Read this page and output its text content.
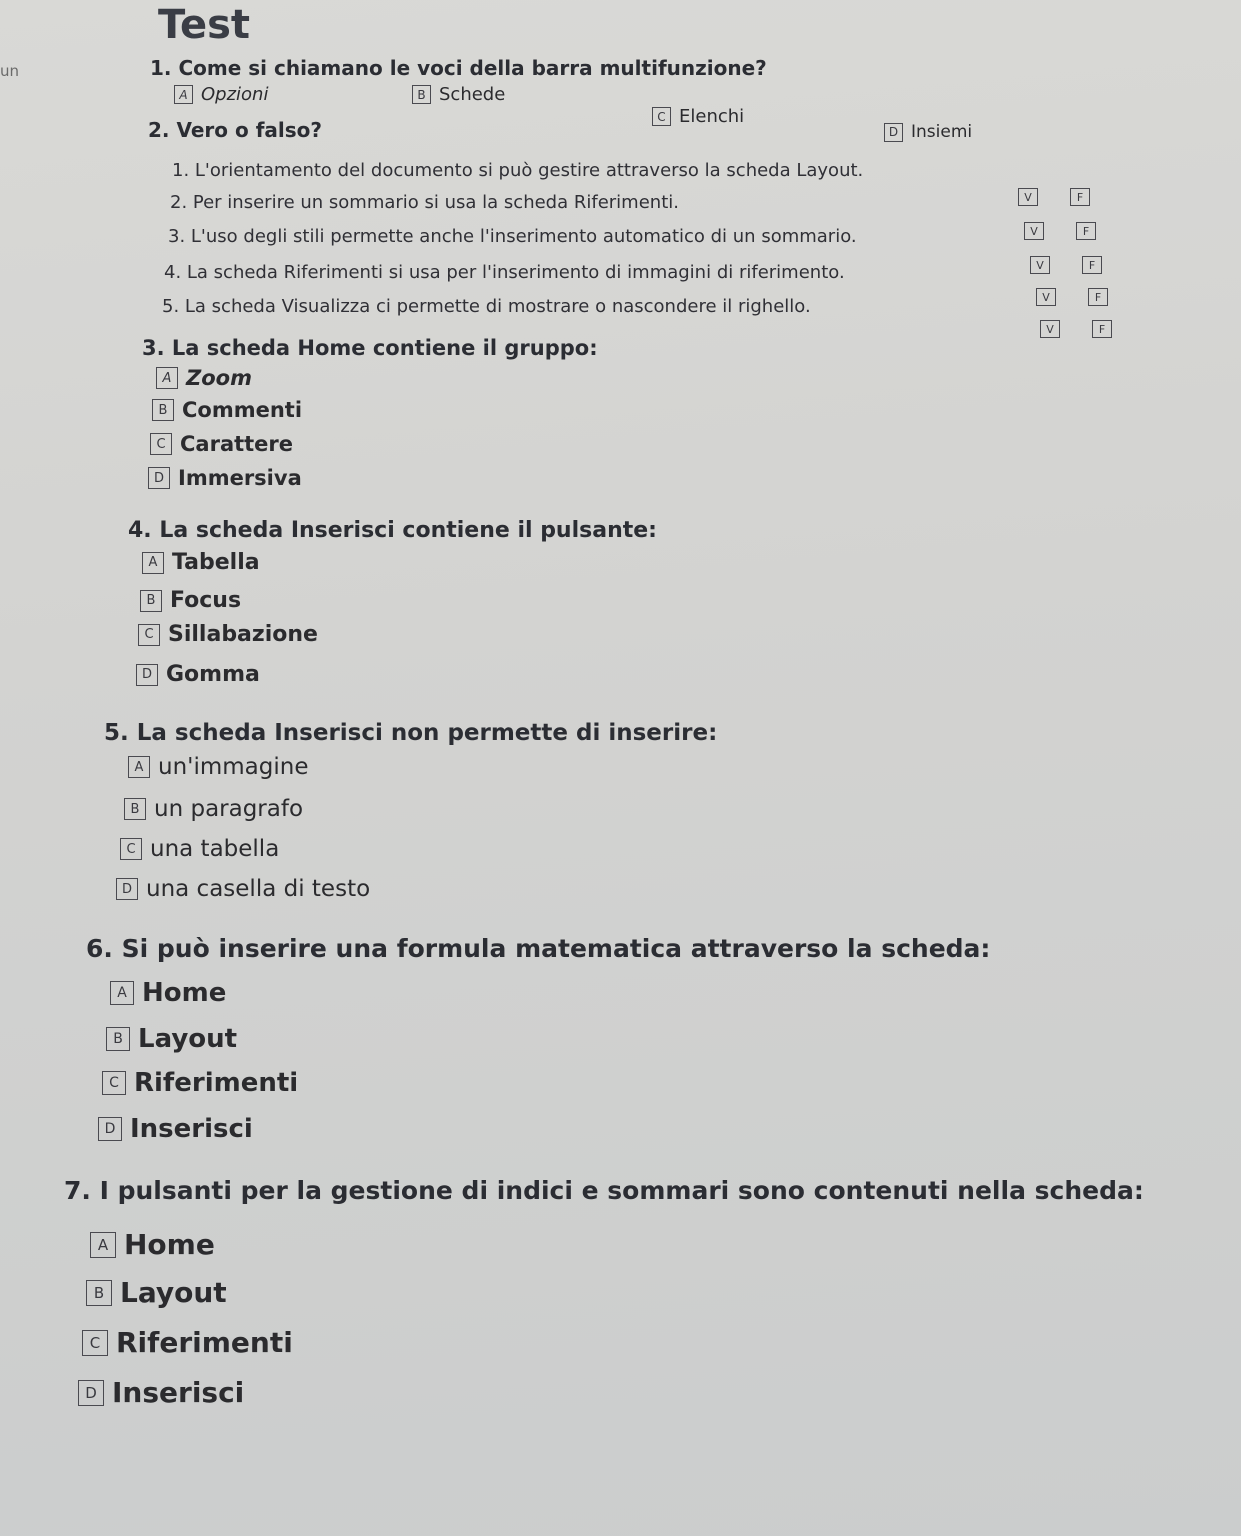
un
Test
1. Come si chiamano le voci della barra multifunzione?
A Opzioni	B Schede
C Elenchi
D Insiemi
2. Vero o falso?
1. L'orientamento del documento si può gestire attraverso la scheda Layout.
V	F
2. Per inserire un sommario si usa la scheda Riferimenti.
V	F
3. L'uso degli stili permette anche l'inserimento automatico di un sommario.
V	F
4. La scheda Riferimenti si usa per l'inserimento di immagini di riferimento.
V	F
5. La scheda Visualizza ci permette di mostrare o nascondere il righello.
V	F
3. La scheda Home contiene il gruppo:
A Zoom
B Commenti
C Carattere
D Immersiva
4. La scheda Inserisci contiene il pulsante:
A Tabella
B Focus
C Sillabazione
D Gomma
5. La scheda Inserisci non permette di inserire:
A un'immagine
B un paragrafo
C una tabella
D una casella di testo
6. Si può inserire una formula matematica attraverso la scheda:
A Home
B Layout
C Riferimenti
D Inserisci
7. I pulsanti per la gestione di indici e sommari sono contenuti nella scheda:
A Home
B Layout
C Riferimenti
D Inserisci
